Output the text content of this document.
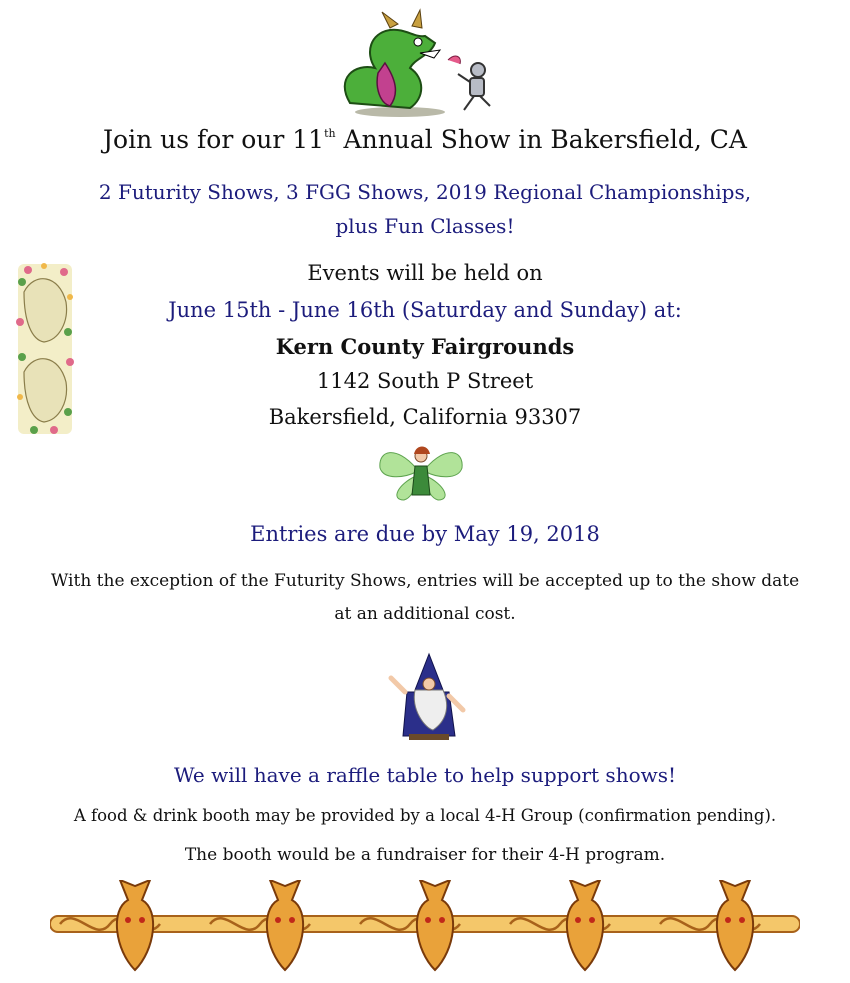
Join us for our 11th Annual Show in Bakersfield, CA
2 Futurity Shows, 3 FGG Shows, 2019 Regional Championships,
plus Fun Classes!
Events will be held on
June 15th - June 16th (Saturday and Sunday) at:
Kern County Fairgrounds
1142 South P Street
Bakersfield, California 93307
Entries are due by May 19, 2018
With the exception of the Futurity Shows, entries will be accepted up to the show date
at an additional cost.
We will have a raffle table to help support shows!
A food & drink booth may be provided by a local 4-H Group (confirmation pending).
The booth would be a fundraiser for their 4-H program.
